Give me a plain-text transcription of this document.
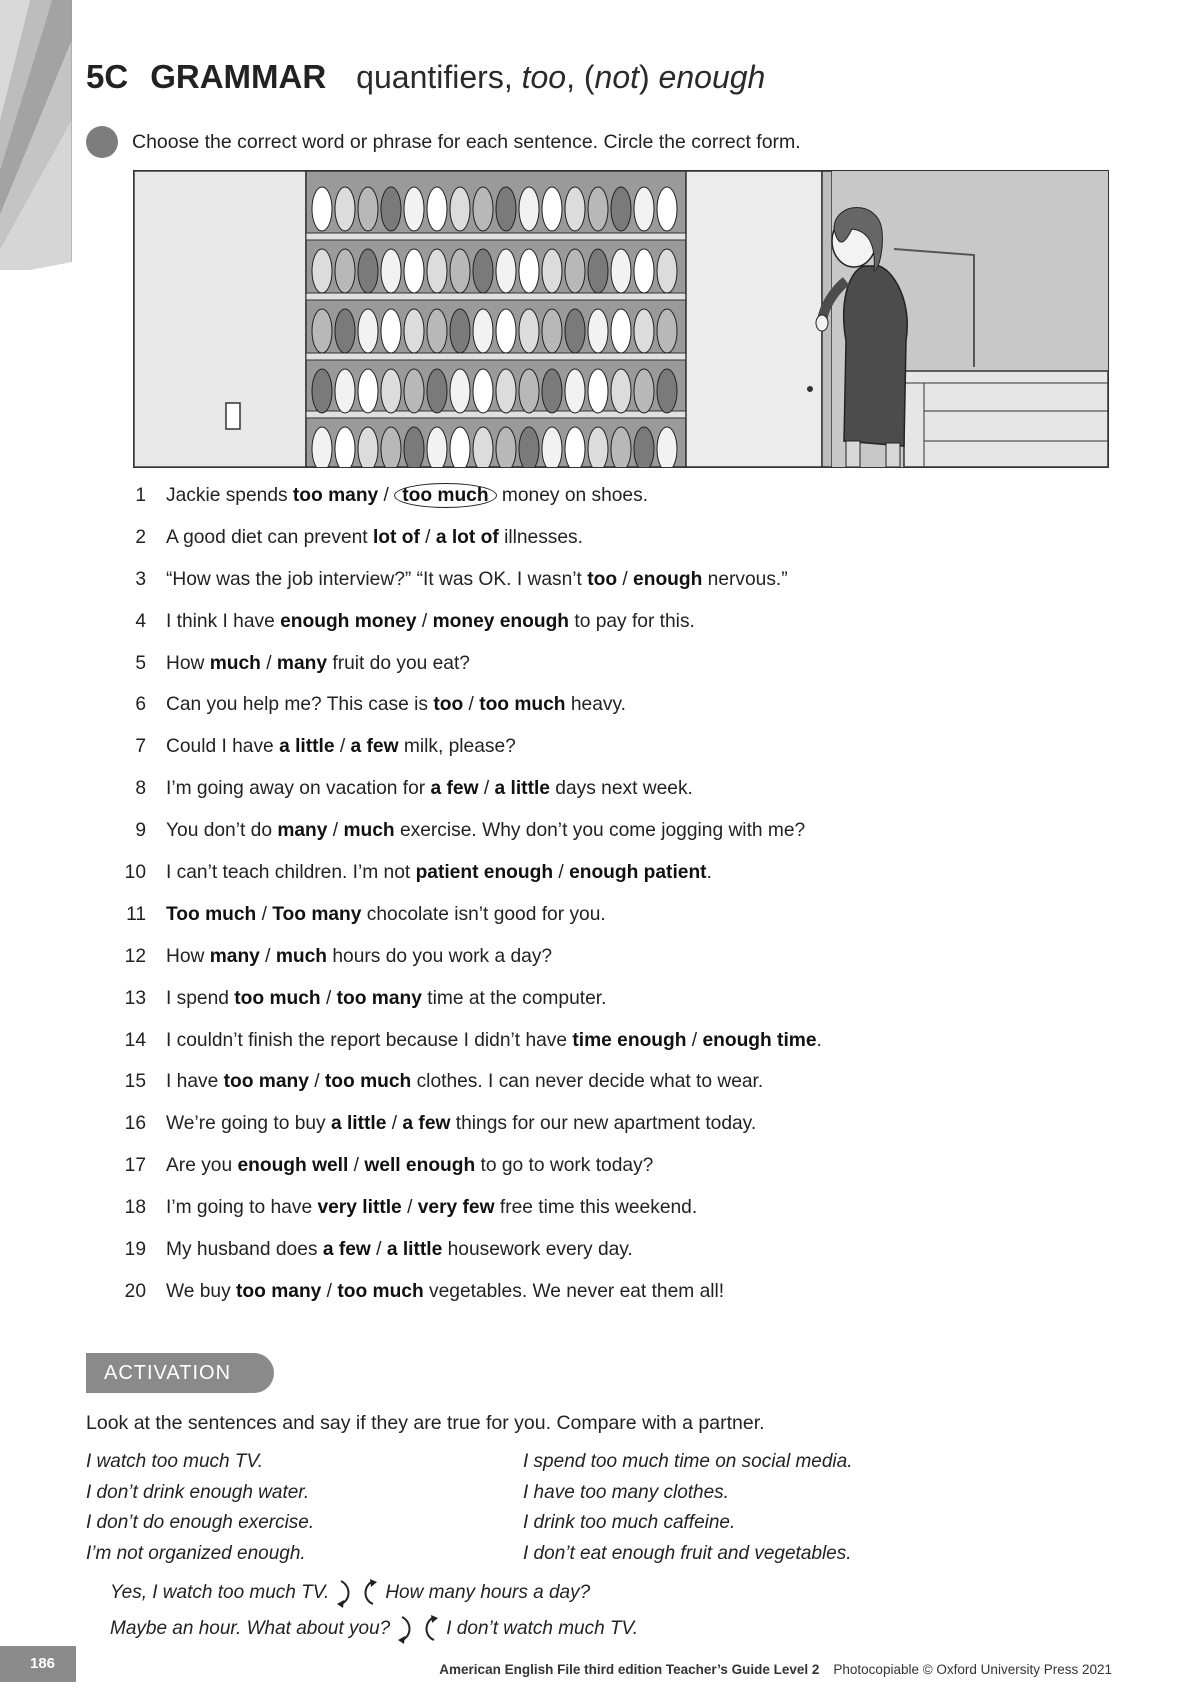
5C GRAMMAR quantifiers, too, (not) enough
Choose the correct word or phrase for each sentence. Circle the correct form.
1 Jackie spends too many / too much money on shoes.
2 A good diet can prevent lot of / a lot of illnesses.
3 “How was the job interview?” “It was OK. I wasn’t too / enough nervous.”
4 I think I have enough money / money enough to pay for this.
5 How much / many fruit do you eat?
6 Can you help me? This case is too / too much heavy.
7 Could I have a little / a few milk, please?
8 I’m going away on vacation for a few / a little days next week.
9 You don’t do many / much exercise. Why don’t you come jogging with me?
10 I can’t teach children. I’m not patient enough / enough patient.
11 Too much / Too many chocolate isn’t good for you.
12 How many / much hours do you work a day?
13 I spend too much / too many time at the computer.
14 I couldn’t finish the report because I didn’t have time enough / enough time.
15 I have too many / too much clothes. I can never decide what to wear.
16 We’re going to buy a little / a few things for our new apartment today.
17 Are you enough well / well enough to go to work today?
18 I’m going to have very little / very few free time this weekend.
19 My husband does a few / a little housework every day.
20 We buy too many / too much vegetables. We never eat them all!
ACTIVATION
Look at the sentences and say if they are true for you. Compare with a partner.
I watch too much TV.
I don’t drink enough water.
I don’t do enough exercise.
I’m not organized enough.
I spend too much time on social media.
I have too many clothes.
I drink too much caffeine.
I don’t eat enough fruit and vegetables.
Yes, I watch too much TV.	How many hours a day?
Maybe an hour. What about you?	I don’t watch much TV.
186	American English File third edition Teacher’s Guide Level 2 Photocopiable © Oxford University Press 2021
